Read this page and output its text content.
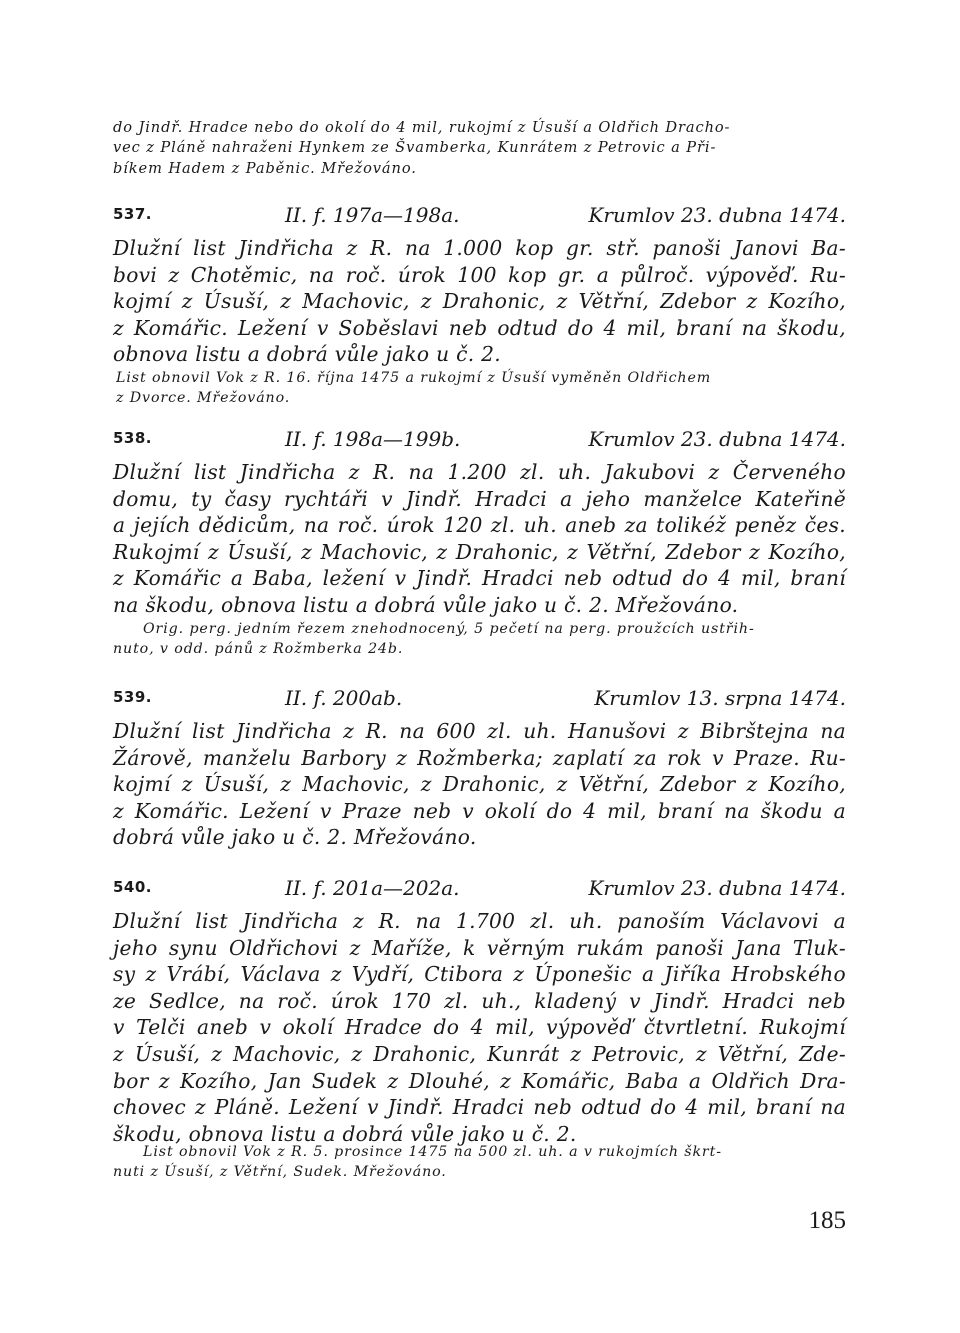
do Jindř. Hradce nebo do okolí do 4 mil, rukojmí z Úsuší a Oldřich Dracho-
vec z Pláně nahraženi Hynkem ze Švamberka, Kunrátem z Petrovic a Při-
bíkem Hadem z Paběnic. Mřežováno.
537.	II. f. 197a—198a.	Krumlov 23. dubna 1474.
Dlužní list Jindřicha z R. na 1.000 kop gr. stř. panoši Janovi Ba-
bovi z Chotěmic, na roč. úrok 100 kop gr. a půlroč. výpověď. Ru-
kojmí z Úsuší, z Machovic, z Drahonic, z Větřní, Zdebor z Kozího,
z Komářic. Ležení v Soběslavi neb odtud do 4 mil, braní na škodu,
obnova listu a dobrá vůle jako u č. 2.
List obnovil Vok z R. 16. října 1475 a rukojmí z Úsuší vyměněn Oldřichem
z Dvorce. Mřežováno.
538.	II. f. 198a—199b.	Krumlov 23. dubna 1474.
Dlužní list Jindřicha z R. na 1.200 zl. uh. Jakubovi z Červeného
domu, ty časy rychtáři v Jindř. Hradci a jeho manželce Kateřině
a jejích dědicům, na roč. úrok 120 zl. uh. aneb za tolikéž peněz čes.
Rukojmí z Úsuší, z Machovic, z Drahonic, z Větřní, Zdebor z Kozího,
z Komářic a Baba, ležení v Jindř. Hradci neb odtud do 4 mil, braní
na škodu, obnova listu a dobrá vůle jako u č. 2. Mřežováno.
Orig. perg. jedním řezem znehodnocený, 5 pečetí na perg. proužcích ustřih-
nuto, v odd. pánů z Rožmberka 24b.
539.	II. f. 200ab.	Krumlov 13. srpna 1474.
Dlužní list Jindřicha z R. na 600 zl. uh. Hanušovi z Bibrštejna na
Žárově, manželu Barbory z Rožmberka; zaplatí za rok v Praze. Ru-
kojmí z Úsuší, z Machovic, z Drahonic, z Větřní, Zdebor z Kozího,
z Komářic. Ležení v Praze neb v okolí do 4 mil, braní na škodu a
dobrá vůle jako u č. 2. Mřežováno.
540.	II. f. 201a—202a.	Krumlov 23. dubna 1474.
Dlužní list Jindřicha z R. na 1.700 zl. uh. panoším Václavovi a
jeho synu Oldřichovi z Maříže, k věrným rukám panoši Jana Tluk-
sy z Vrábí, Václava z Vydří, Ctibora z Úponešic a Jiříka Hrobského
ze Sedlce, na roč. úrok 170 zl. uh., kladený v Jindř. Hradci neb
v Telči aneb v okolí Hradce do 4 mil, výpověď čtvrtletní. Rukojmí
z Úsuší, z Machovic, z Drahonic, Kunrát z Petrovic, z Větřní, Zde-
bor z Kozího, Jan Sudek z Dlouhé, z Komářic, Baba a Oldřich Dra-
chovec z Pláně. Ležení v Jindř. Hradci neb odtud do 4 mil, braní na
škodu, obnova listu a dobrá vůle jako u č. 2.
List obnovil Vok z R. 5. prosince 1475 na 500 zl. uh. a v rukojmích škrt-
nuti z Úsuší, z Větřní, Sudek. Mřežováno.
185
